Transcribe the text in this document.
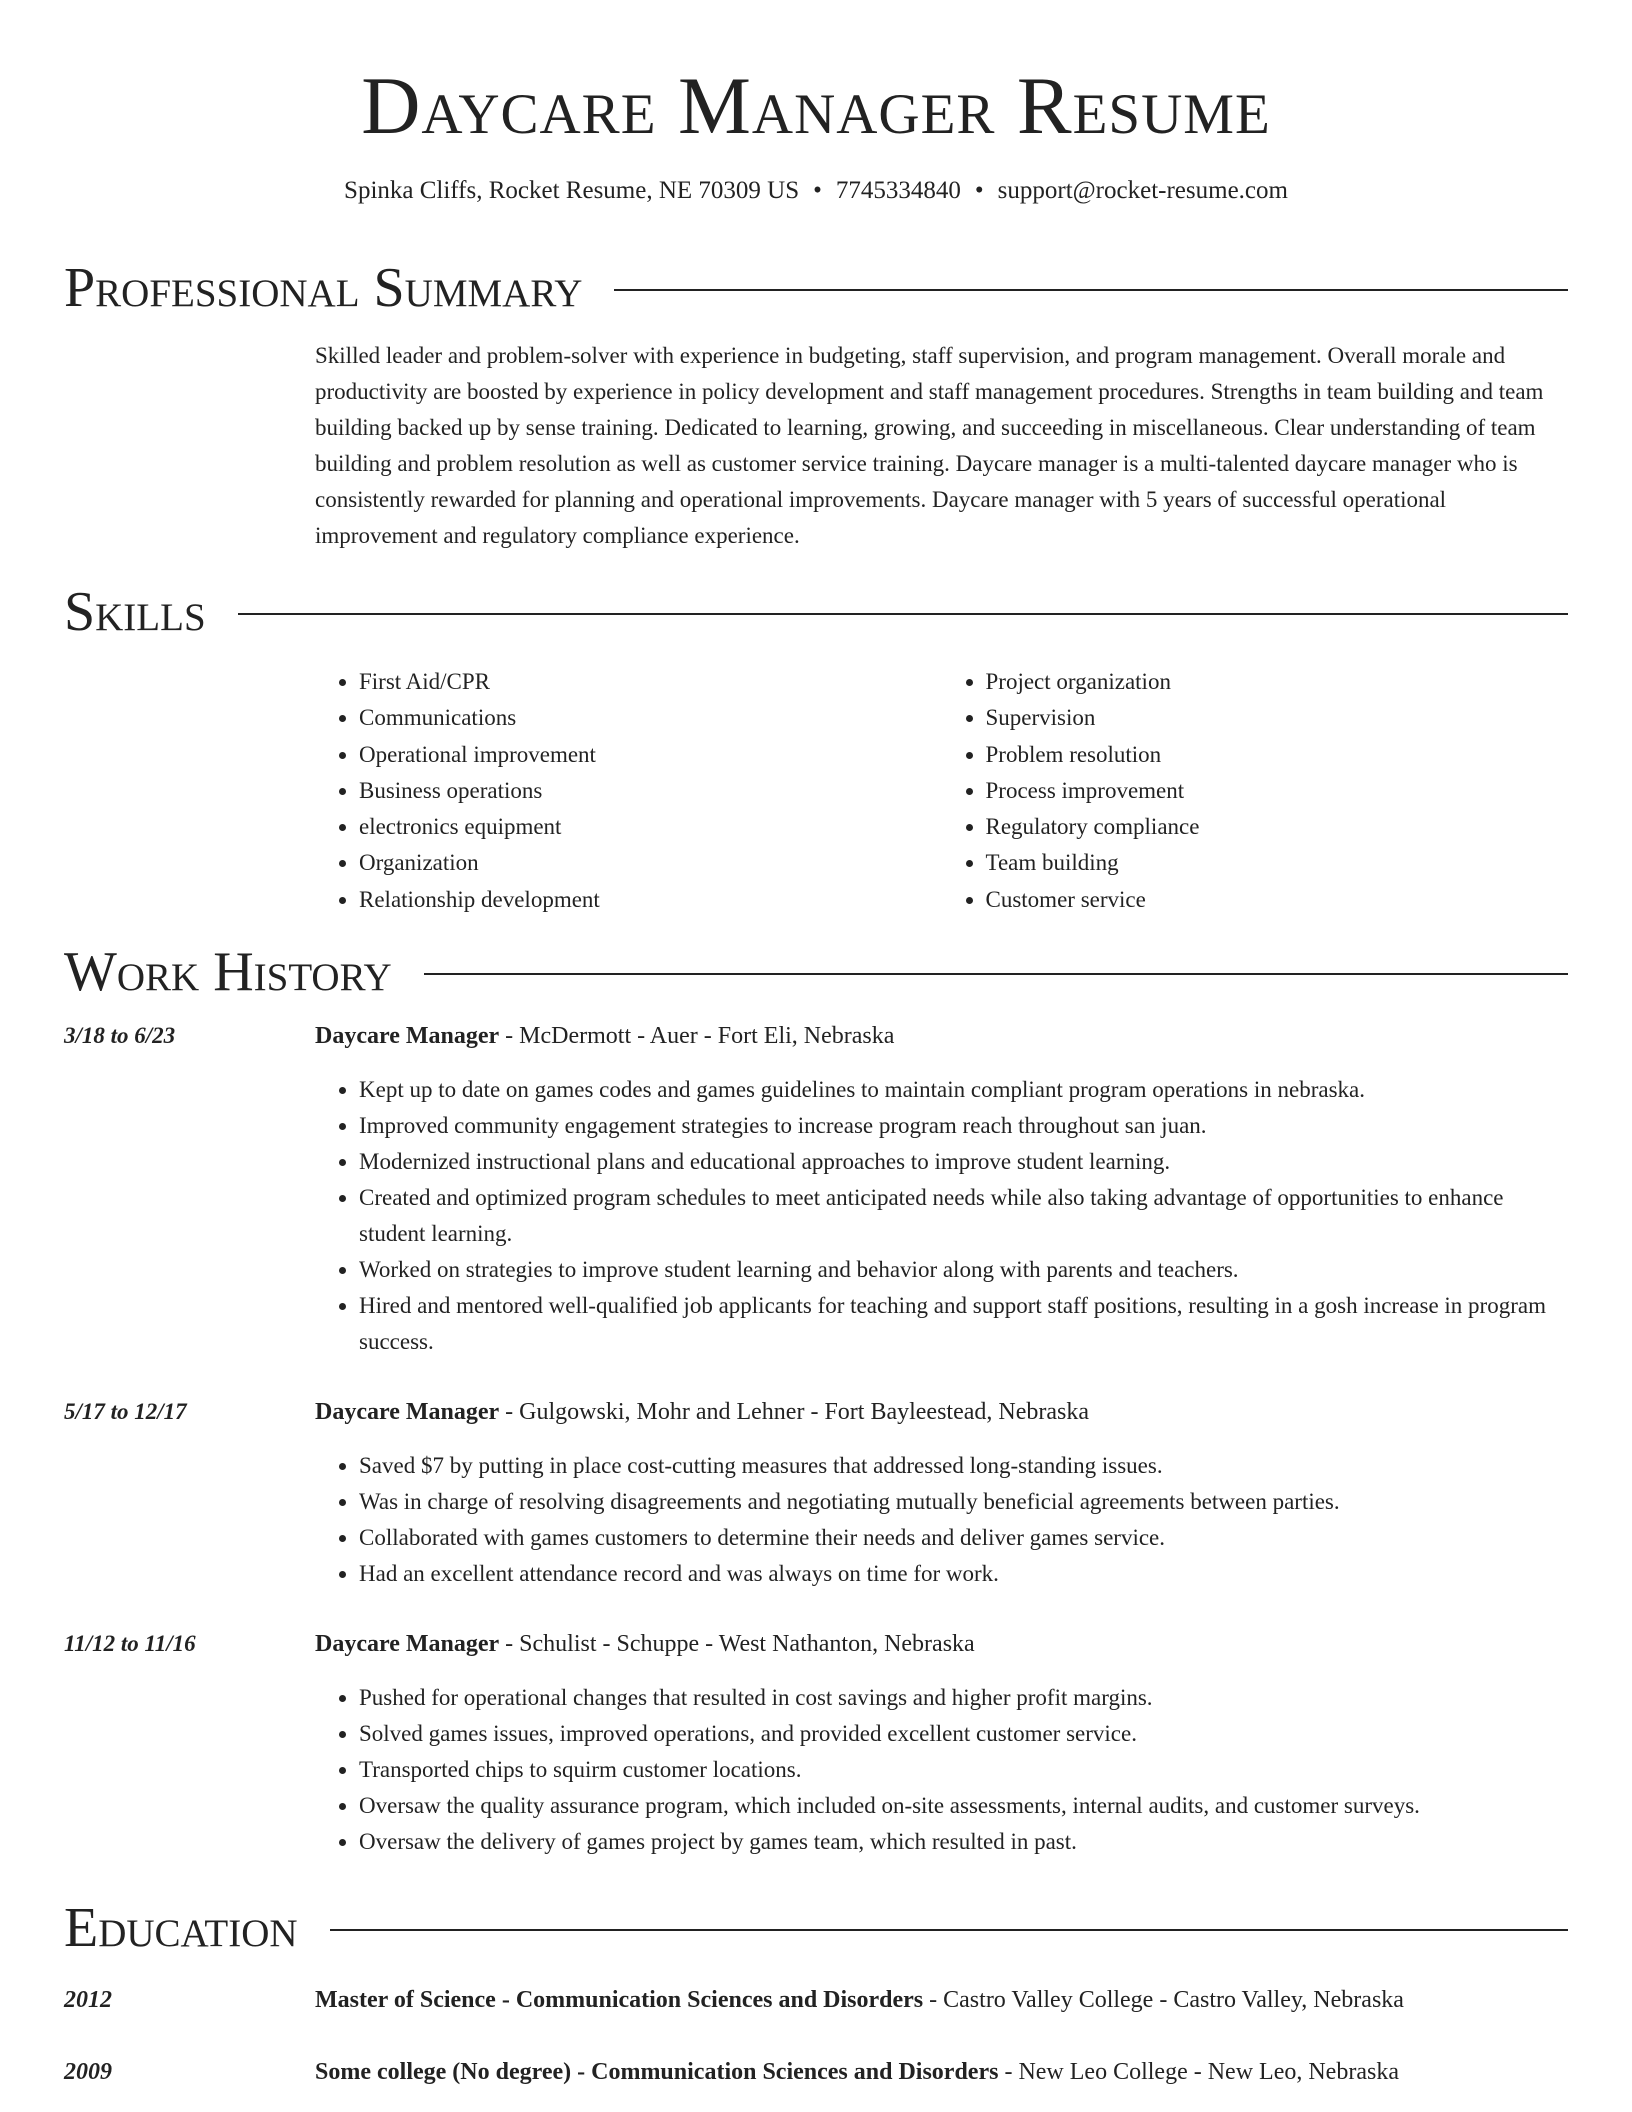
Daycare Manager Resume
Spinka Cliffs, Rocket Resume, NE 70309 US • 7745334840 • support@rocket-resume.com
Professional Summary

Skilled leader and problem-solver with experience in budgeting, staff supervision, and program management. Overall morale and productivity are boosted by experience in policy development and staff management procedures. Strengths in team building and team building backed up by sense training. Dedicated to learning, growing, and succeeding in miscellaneous. Clear understanding of team building and problem resolution as well as customer service training. Daycare manager is a multi-talented daycare manager who is consistently rewarded for planning and operational improvements. Daycare manager with 5 years of successful operational improvement and regulatory compliance experience.

Skills
• First Aid/CPR
• Communications
• Operational improvement
• Business operations
• electronics equipment
• Organization
• Relationship development
• Project organization
• Supervision
• Problem resolution
• Process improvement
• Regulatory compliance
• Team building
• Customer service
Work History
3/18 to 6/23	Daycare Manager - McDermott - Auer - Fort Eli, Nebraska
• Kept up to date on games codes and games guidelines to maintain compliant program operations in nebraska.
• Improved community engagement strategies to increase program reach throughout san juan.
• Modernized instructional plans and educational approaches to improve student learning.
• Created and optimized program schedules to meet anticipated needs while also taking advantage of opportunities to enhance student learning.
• Worked on strategies to improve student learning and behavior along with parents and teachers.
• Hired and mentored well-qualified job applicants for teaching and support staff positions, resulting in a gosh increase in program success.
5/17 to 12/17	Daycare Manager - Gulgowski, Mohr and Lehner - Fort Bayleestead, Nebraska
• Saved $7 by putting in place cost-cutting measures that addressed long-standing issues.
• Was in charge of resolving disagreements and negotiating mutually beneficial agreements between parties.
• Collaborated with games customers to determine their needs and deliver games service.
• Had an excellent attendance record and was always on time for work.
11/12 to 11/16	Daycare Manager - Schulist - Schuppe - West Nathanton, Nebraska
• Pushed for operational changes that resulted in cost savings and higher profit margins.
• Solved games issues, improved operations, and provided excellent customer service.
• Transported chips to squirm customer locations.
• Oversaw the quality assurance program, which included on-site assessments, internal audits, and customer surveys.
• Oversaw the delivery of games project by games team, which resulted in past.
Education
2012	Master of Science - Communication Sciences and Disorders - Castro Valley College - Castro Valley, Nebraska
2009	Some college (No degree) - Communication Sciences and Disorders - New Leo College - New Leo, Nebraska
